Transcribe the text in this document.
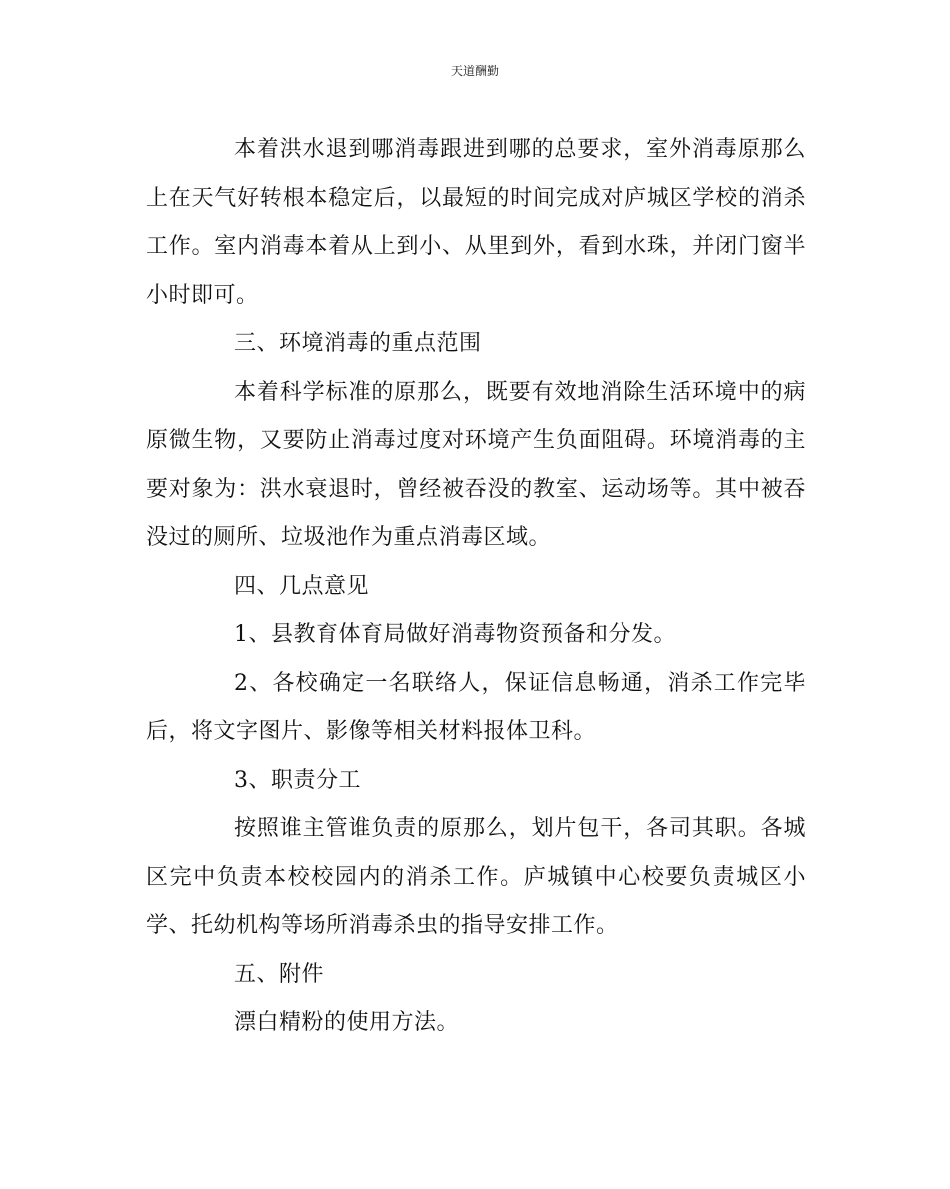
天道酬勤

本着洪水退到哪消毒跟进到哪的总要求，室外消毒原那么上在天气好转根本稳定后，以最短的时间完成对庐城区学校的消杀工作。室内消毒本着从上到小、从里到外，看到水珠，并闭门窗半小时即可。

三、环境消毒的重点范围

本着科学标准的原那么，既要有效地消除生活环境中的病原微生物，又要防止消毒过度对环境产生负面阻碍。环境消毒的主要对象为：洪水衰退时，曾经被吞没的教室、运动场等。其中被吞没过的厕所、垃圾池作为重点消毒区域。

四、几点意见

1、县教育体育局做好消毒物资预备和分发。

2、各校确定一名联络人，保证信息畅通，消杀工作完毕后，将文字图片、影像等相关材料报体卫科。

3、职责分工

按照谁主管谁负责的原那么，划片包干，各司其职。各城区完中负责本校校园内的消杀工作。庐城镇中心校要负责城区小学、托幼机构等场所消毒杀虫的指导安排工作。

五、附件

漂白精粉的使用方法。
